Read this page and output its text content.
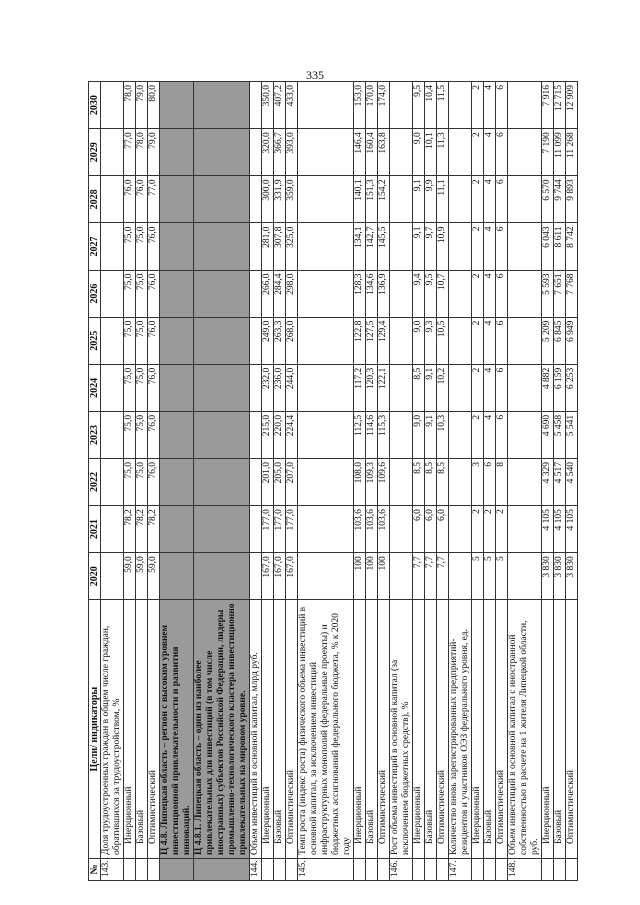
335
№	Цели/ индикаторы	2020	2021	2022	2023	2024	2025	2026	2027	2028	2029	2030
143.	Доля трудоустроенных граждан в общем числе граждан, обратившихся за трудоустройством, %											
	Инерционный	59,0	78,2	75,0	75,0	75,0	75,0	75,0	75,0	76,0	77,0	78,0
	Базовый	59,0	78,2	75,0	75,0	75,0	75,0	75,0	75,0	76,0	78,0	79,0
	Оптимистический	59,0	78,2	76,0	76,0	76,0	76,0	76,0	76,0	77,0	79,0	80,0
	Ц 4.8. Липецкая область – регион с высоким уровнем инвестиционной привлекательности и развития инноваций.											
	Ц 4.8.1. Липецкая область – один из наиболее привлекательных для инвестиций (в том числе иностранных) субъектов Российской Федерации, лидеры промышленно-технологического кластера инвестиционно привлекательных на мировом уровне.											
144.	Объем инвестиций в основной капитал, млрд руб.											
	Инерционный	167,0	177,0	201,0	215,0	232,0	249,0	266,0	281,0	300,0	320,0	350,0
	Базовый	167,0	177,0	205,0	220,0	236,0	263,3	284,4	307,8	331,9	366,7	407,2
	Оптимистический	167,0	177,0	207,0	224,4	244,0	268,0	298,0	325,0	359,0	393,0	433,0
145.	Темп роста (индекс роста) физического объема инвестиций в основной капитал, за исключением инвестиций инфраструктурных монополий (федеральные проекты) и бюджетных ассигнований федерального бюджета, % к 2020 году											
	Инерционный	100	103,6	108,0	112,5	117,2	122,8	128,3	134,1	140,1	146,4	153,0
	Базовый	100	103,6	109,3	114,6	120,3	127,5	134,6	142,7	151,3	160,4	170,0
	Оптимистический	100	103,6	109,6	115,3	122,1	129,4	136,9	145,5	154,2	163,8	174,0
146.	Рост объема инвестиций в основной капитал (за исключением бюджетных средств), %											
	Инерционный	7,7	6,0	8,5	9,0	8,5	9,0	9,4	9,1	9,1	9,0	9,5
	Базовый	7,7	6,0	8,5	9,1	9,1	9,3	9,5	9,7	9,9	10,1	10,4
	Оптимистический	7,7	6,0	8,5	10,3	10,2	10,5	10,7	10,9	11,1	11,3	11,5
147.	Количество вновь зарегистрированных предприятий-резидентов и участников ОЭЗ федерального уровня, ед.											
	Инерционный	5	2	3	2	2	2	2	2	2	2	2
	Базовый	5	2	6	4	4	4	4	4	4	4	4
	Оптимистический	5	2	8	6	6	6	6	6	6	6	6
148.	Объем инвестиций в основной капитал с иностранной собственностью в расчете на 1 жителя Липецкой области, руб.											
	Инерционный	3 830	4 105	4 329	4 690	4 882	5 209	5 593	6 043	6 570	7 190	7 916
	Базовый	3 830	4 105	4 517	5 458	6 159	6 845	7 651	8 611	9 744	11 099	12 715
	Оптимистический	3 830	4 105	4 540	5 541	6 253	6 949	7 768	8 742	9 893	11 268	12 909
